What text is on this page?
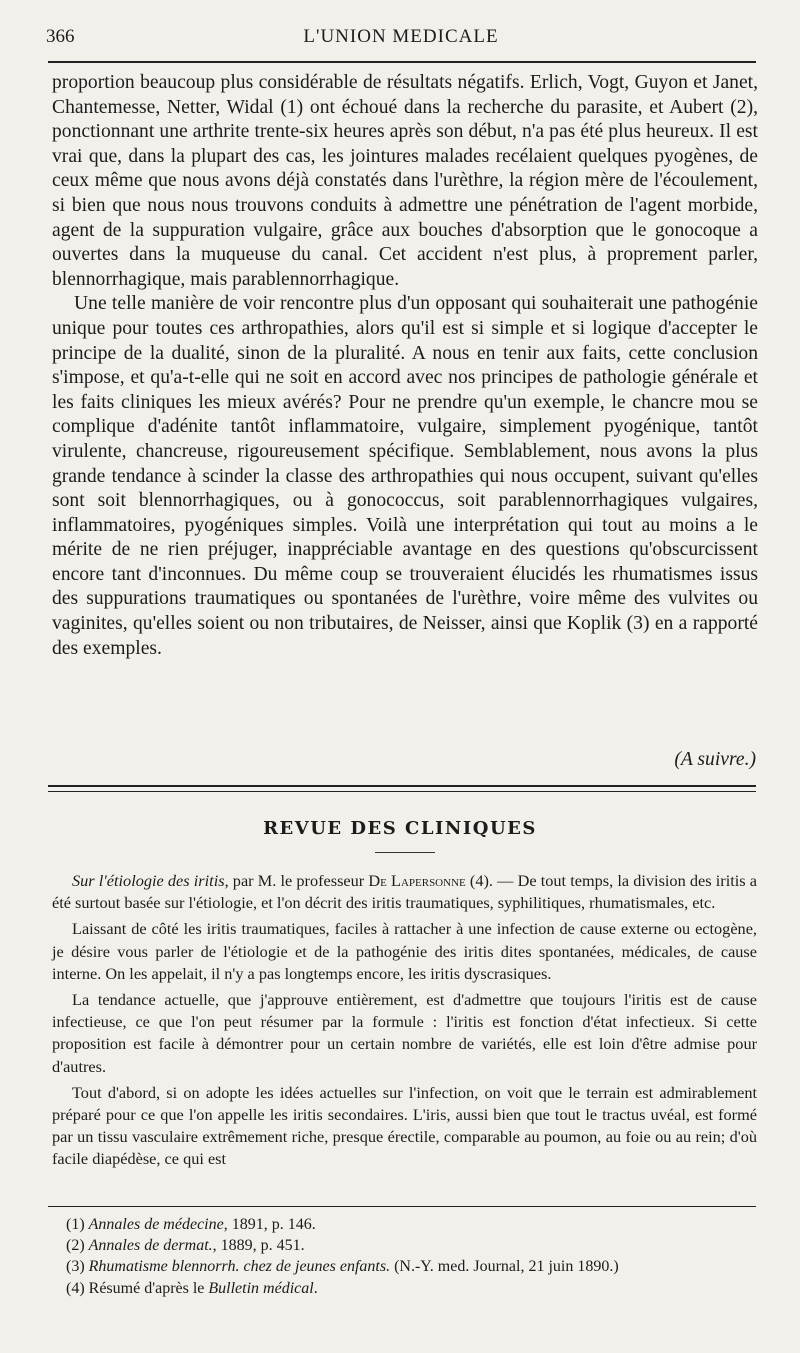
366	L'UNION MEDICALE

proportion beaucoup plus considérable de résultats négatifs. Erlich, Vogt, Guyon et Janet, Chantemesse, Netter, Widal (1) ont échoué dans la recherche du parasite, et Aubert (2), ponctionnant une arthrite trente-six heures après son début, n'a pas été plus heureux. Il est vrai que, dans la plupart des cas, les jointures malades recélaient quelques pyogènes, de ceux même que nous avons déjà constatés dans l'urèthre, la région mère de l'écoulement, si bien que nous nous trouvons conduits à admettre une pénétration de l'agent morbide, agent de la suppuration vulgaire, grâce aux bouches d'absorption que le gonocoque a ouvertes dans la muqueuse du canal. Cet accident n'est plus, à proprement parler, blennorrhagique, mais parablennorrhagique.

Une telle manière de voir rencontre plus d'un opposant qui souhaiterait une pathogénie unique pour toutes ces arthropathies, alors qu'il est si simple et si logique d'accepter le principe de la dualité, sinon de la pluralité. A nous en tenir aux faits, cette conclusion s'impose, et qu'a-t-elle qui ne soit en accord avec nos principes de pathologie générale et les faits cliniques les mieux avérés? Pour ne prendre qu'un exemple, le chancre mou se complique d'adénite tantôt inflammatoire, vulgaire, simplement pyogénique, tantôt virulente, chancreuse, rigoureusement spécifique. Semblablement, nous avons la plus grande tendance à scinder la classe des arthropathies qui nous occupent, suivant qu'elles sont soit blennorrhagiques, ou à gonococcus, soit parablennorrhagiques vulgaires, inflammatoires, pyogéniques simples. Voilà une interprétation qui tout au moins a le mérite de ne rien préjuger, inappréciable avantage en des questions qu'obscurcissent encore tant d'inconnues. Du même coup se trouveraient élucidés les rhumatismes issus des suppurations traumatiques ou spontanées de l'urèthre, voire même des vulvites ou vaginites, qu'elles soient ou non tributaires, de Neisser, ainsi que Koplik (3) en a rapporté des exemples.

(A suivre.)
REVUE DES CLINIQUES

Sur l'étiologie des iritis, par M. le professeur De Lapersonne (4). — De tout temps, la division des iritis a été surtout basée sur l'étiologie, et l'on décrit des iritis traumatiques, syphilitiques, rhumatismales, etc.

Laissant de côté les iritis traumatiques, faciles à rattacher à une infection de cause externe ou ectogène, je désire vous parler de l'étiologie et de la pathogénie des iritis dites spontanées, médicales, de cause interne. On les appelait, il n'y a pas longtemps encore, les iritis dyscrasiques.

La tendance actuelle, que j'approuve entièrement, est d'admettre que toujours l'iritis est de cause infectieuse, ce que l'on peut résumer par la formule : l'iritis est fonction d'état infectieux. Si cette proposition est facile à démontrer pour un certain nombre de variétés, elle est loin d'être admise pour d'autres.

Tout d'abord, si on adopte les idées actuelles sur l'infection, on voit que le terrain est admirablement préparé pour ce que l'on appelle les iritis secondaires. L'iris, aussi bien que tout le tractus uvéal, est formé par un tissu vasculaire extrêmement riche, presque érectile, comparable au poumon, au foie ou au rein; d'où facile diapédèse, ce qui est

(1) Annales de médecine, 1891, p. 146.
(2) Annales de dermat., 1889, p. 451.
(3) Rhumatisme blennorrh. chez de jeunes enfants. (N.-Y. med. Journal, 21 juin 1890.)
(4) Résumé d'après le Bulletin médical.
